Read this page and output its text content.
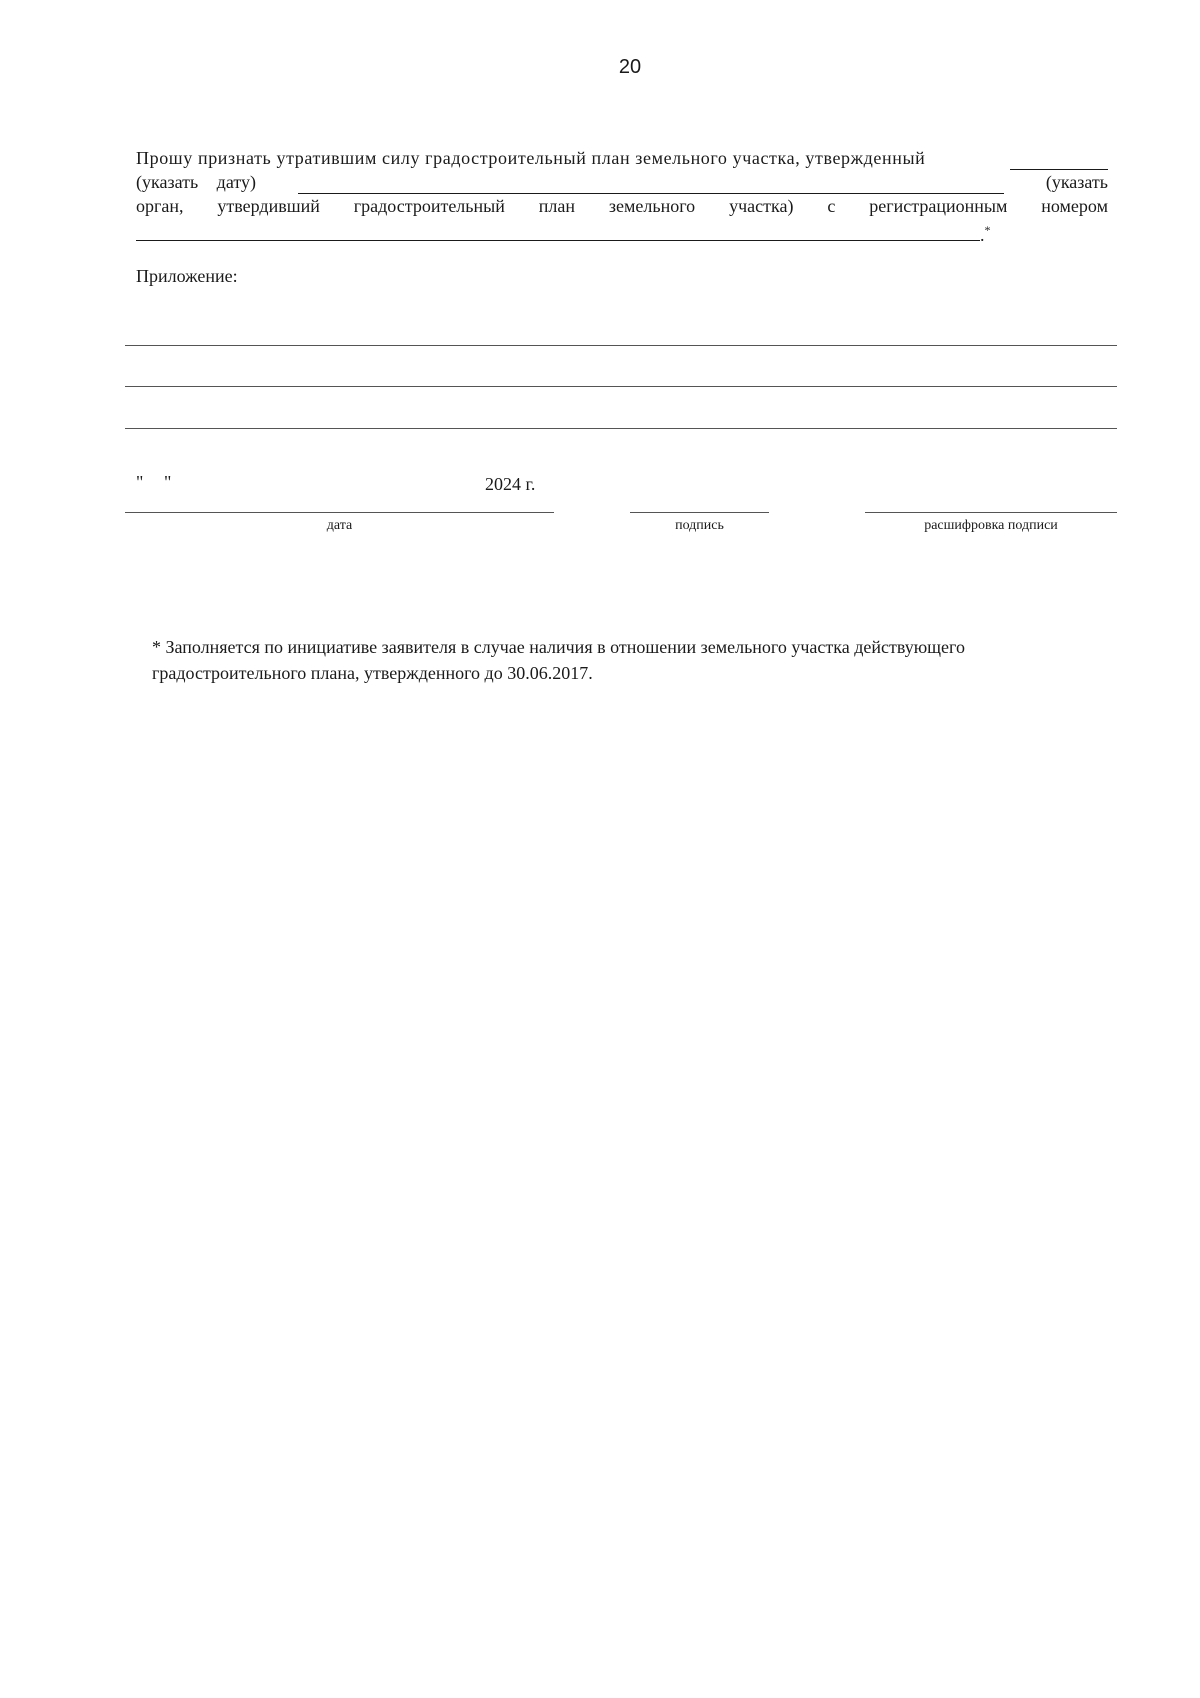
20
Прошу признать утратившим силу градостроительный план земельного участка, утвержденный
(указать дату)	(указать
орган, утвердивший градостроительный план земельного участка) с регистрационным номером
.*
Приложение:
" "	2024 г.
дата	подпись	расшифровка подписи
* Заполняется по инициативе заявителя в случае наличия в отношении земельного участка действующего градостроительного плана, утвержденного до 30.06.2017.
